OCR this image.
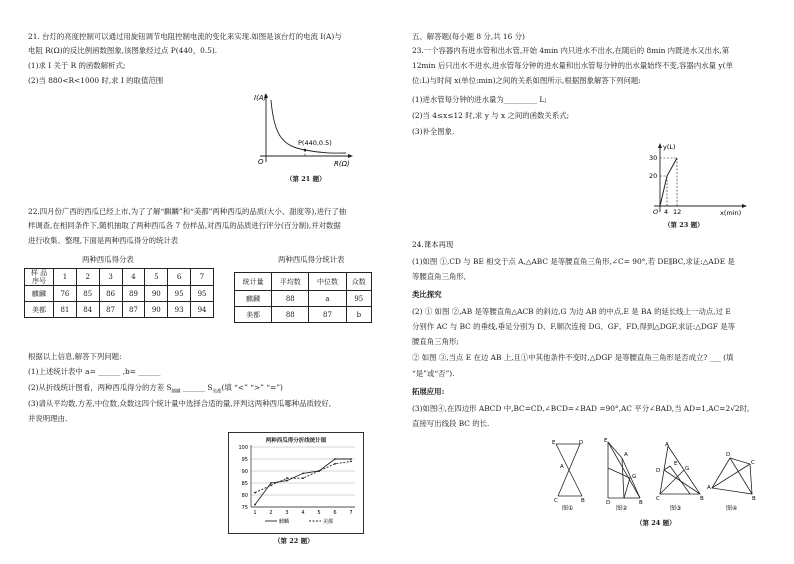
21. 台灯的亮度控制可以通过用旋钮调节电阻控制电流的变化来实现.如图是该台灯的电流 I(A)与
电阻 R(Ω)的反比例函数图象,该图象经过点 P(440，0.5).
(1)求 I 关于 R 的函数解析式;
(2)当 880<R<1000 时,求 I 的取值范围
I(A)
O
P(440,0.5)
R(Ω)
（第 21 题）
22.四月份广西的西瓜已经上市,为了了解“麒麟”和“美都”两种西瓜的品质(大小、甜度等),进行了抽
样调查,在相同条件下,随机抽取了两种西瓜各 7 份样品,对西瓜的品质进行评分(百分制),并对数据
进行收集、整理,下面是两种西瓜得分的统计表
两种西瓜得分表
样 品
序号	1	2	3	4	5	6	7
麒麟	76	85	86	89	90	95	95
美都	81	84	87	87	90	93	94
两种西瓜得分统计表
统计量	平均数	中位数	众数
麒麟	88	a	95
美都	88	87	b
根据以上信息,解答下列问题:
(1)上述统计表中 a= ______ ,b= ______
(2)从折线统计图看，两种西瓜得分的方差 $S_{麒麟}$ ______ $S_{美都}$(填 “<” “>” “=”)
(3)请从平均数,方差,中位数,众数这四个统计量中选择合适的量,评判这两种西瓜哪种品质较好,
并说明理由.
两种西瓜得分折线统计图
75
80
85
90
95
100
1	2	3	4	5	6	7
麒麟	美都
（第 22 题）
五、解答题(每小题 8 分,共 16 分)
23.一个容器内有进水管和出水管,开始 4min 内只进水不出水,在随后的 8min 内既进水又出水,第
12min 后只出水不进水,进水管每分钟的进水量和出水管每分钟的出水量始终不变,容器内水量 y(单
位:L)与时间 x(单位:min)之间的关系如图所示,根据图象解答下列问题:
(1)进水管每分钟的进水量为_________ L;
(2)当 4≤x≤12 时,求 y 与 x 之间的函数关系式;
(3)补全图象.
30
20
y(L)
O 4 12	x(min)
（第 23 题）
24.课本再现
(1)如图 ①,CD 与 BE 相交于点 A,△ABC 是等腰直角三角形,∠C= 90°,若 DE∥BC,求证:△ADE 是
等腰直角三角形,
类比探究
(2) ① 如图 ②,AB 是等腰直角△ACB 的斜边,G 为边 AB 的中点,E 是 BA 的延长线上一动点,过 E
分别作 AC 与 BC 的垂线,垂足分别为 D、F,顺次连接 DG、GF、FD,得到△DGF,求证:△DGF 是等
腰直角三角形;
② 如图 ③,当点 E 在边 AB 上,且①中其他条件不变时,△DGF 是等腰直角三角形是否成立? ___ (填
“是”或“否”).
拓展应用:
(3)如图④,在四边形 ABCD 中,BC=CD,∠BCD=∠BAD =90°,AC 平分∠BAD,当 AD=1,AC=2√2时,
直接写出线段 BC 的长.
E	D
A
C	B
图①
E
A
G
D	B
图②
A
D
E
G
C	B
图③
A
D
C
B
图④
（第 24 题）
